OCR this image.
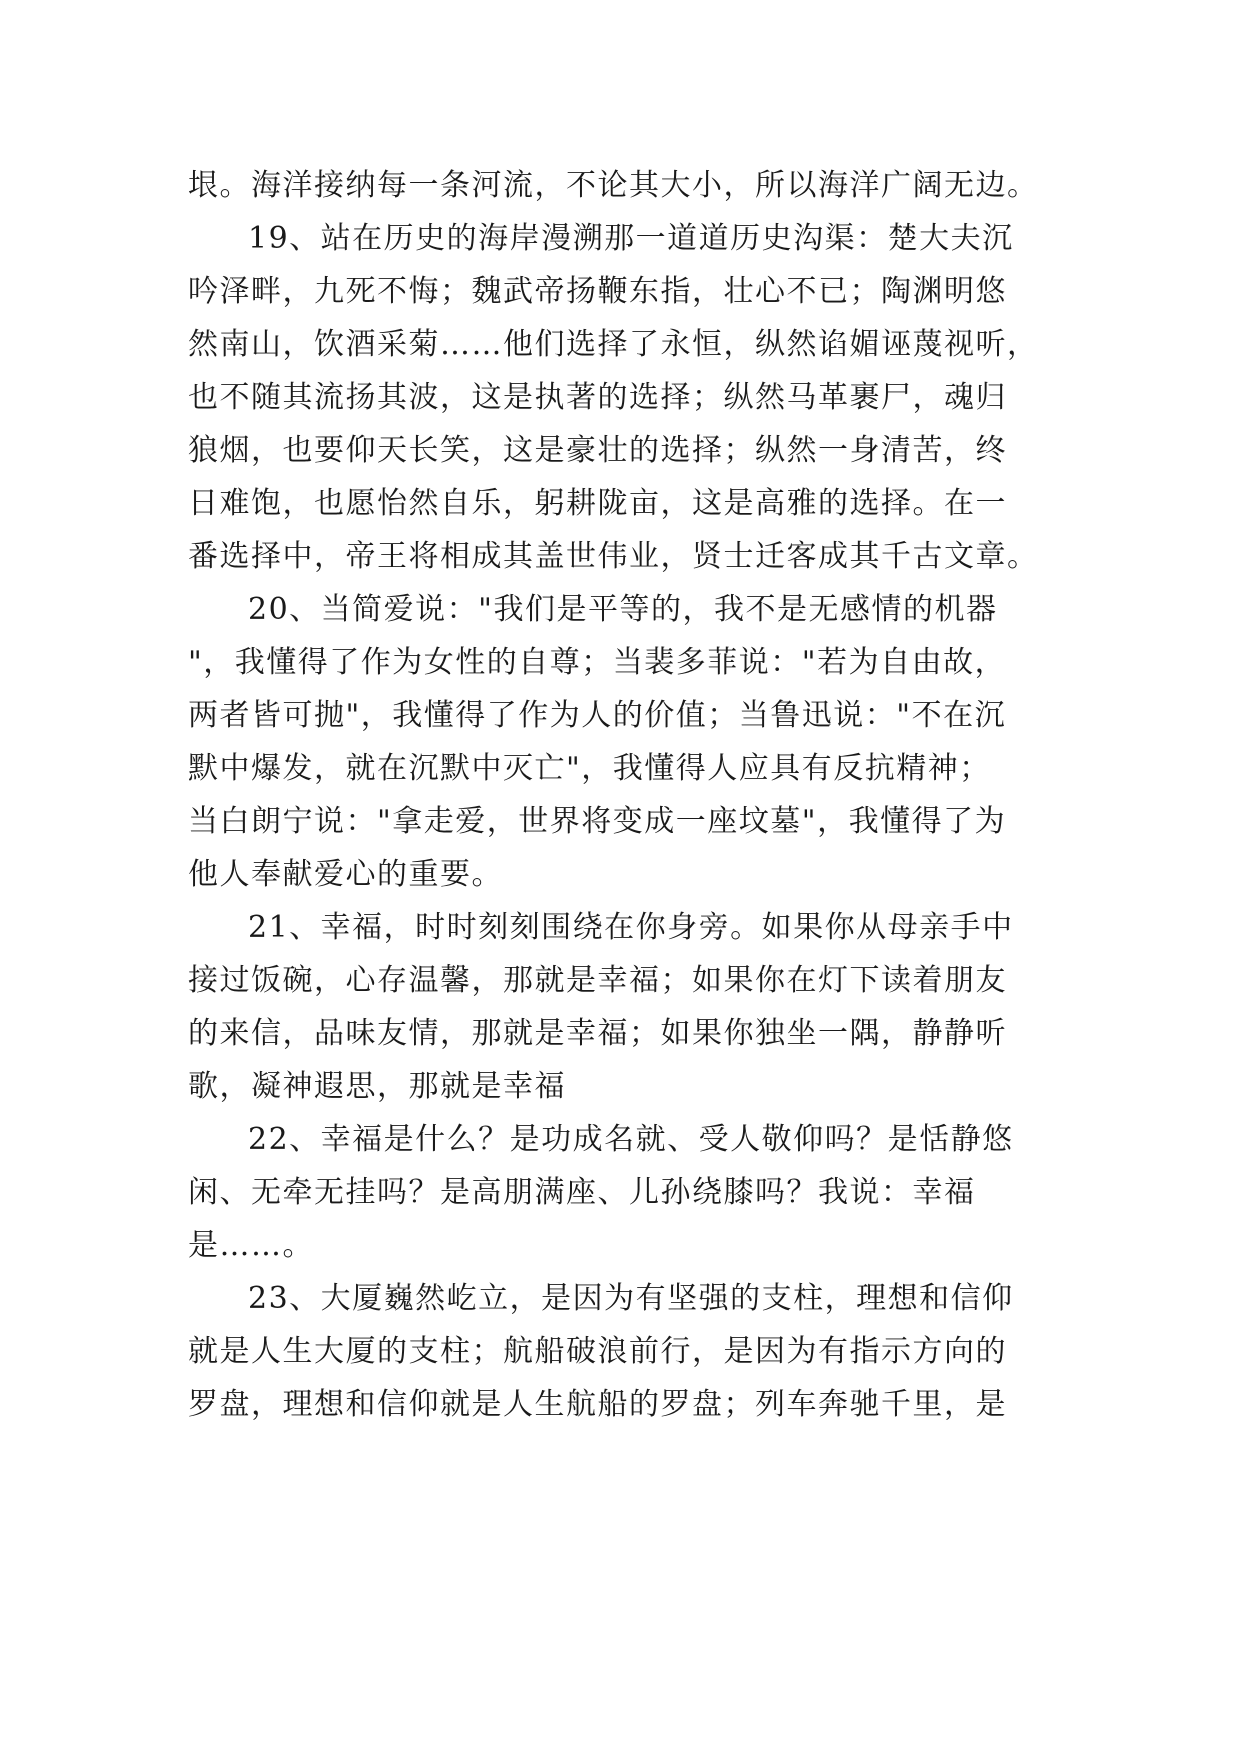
垠。海洋接纳每一条河流，不论其大小，所以海洋广阔无边。
19、站在历史的海岸漫溯那一道道历史沟渠：楚大夫沉
吟泽畔，九死不悔；魏武帝扬鞭东指，壮心不已；陶渊明悠
然南山，饮酒采菊……他们选择了永恒，纵然谄媚诬蔑视听，
也不随其流扬其波，这是执著的选择；纵然马革裹尸，魂归
狼烟，也要仰天长笑，这是豪壮的选择；纵然一身清苦，终
日难饱，也愿怡然自乐，躬耕陇亩，这是高雅的选择。在一
番选择中，帝王将相成其盖世伟业，贤士迁客成其千古文章。
20、当简爱说："我们是平等的，我不是无感情的机器
"，我懂得了作为女性的自尊；当裴多菲说："若为自由故，
两者皆可抛"，我懂得了作为人的价值；当鲁迅说："不在沉
默中爆发，就在沉默中灭亡"，我懂得人应具有反抗精神；
当白朗宁说："拿走爱，世界将变成一座坟墓"，我懂得了为
他人奉献爱心的重要。
21、幸福，时时刻刻围绕在你身旁。如果你从母亲手中
接过饭碗，心存温馨，那就是幸福；如果你在灯下读着朋友
的来信，品味友情，那就是幸福；如果你独坐一隅，静静听
歌，凝神遐思，那就是幸福
22、幸福是什么？是功成名就、受人敬仰吗？是恬静悠
闲、无牵无挂吗？是高朋满座、儿孙绕膝吗？我说：幸福
是……。
23、大厦巍然屹立，是因为有坚强的支柱，理想和信仰
就是人生大厦的支柱；航船破浪前行，是因为有指示方向的
罗盘，理想和信仰就是人生航船的罗盘；列车奔驰千里，是
